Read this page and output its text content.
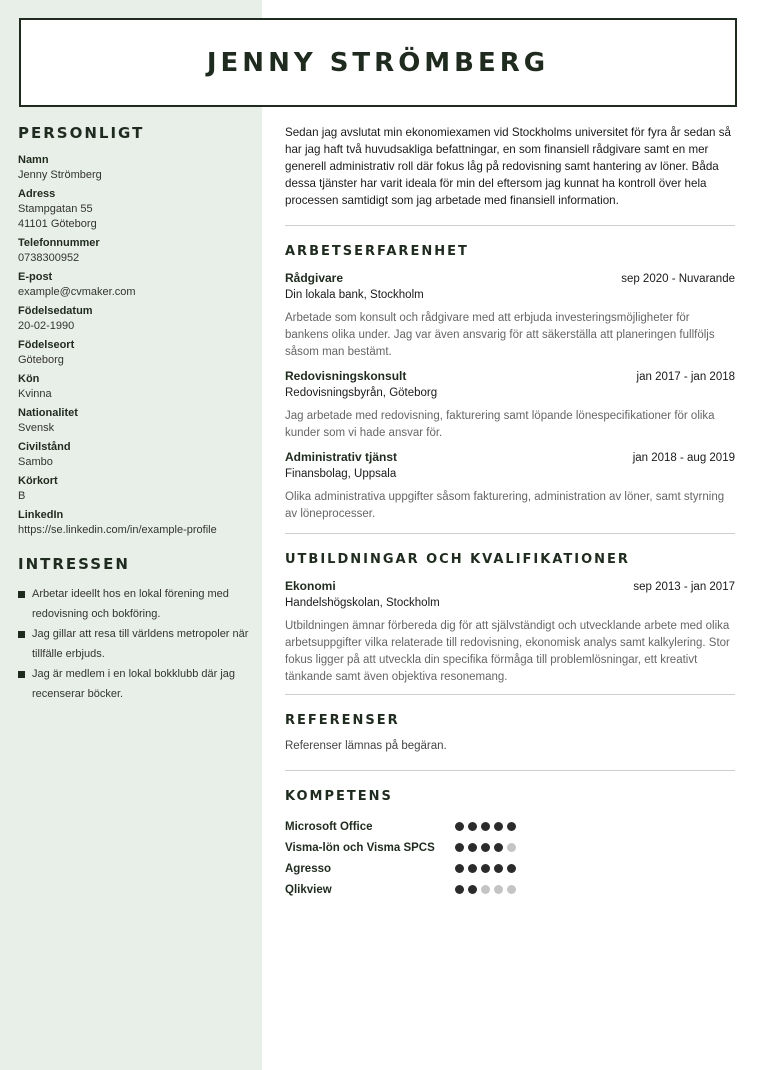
JENNY STRÖMBERG
PERSONLIGT
Namn
Jenny Strömberg
Adress
Stampgatan 55
41101 Göteborg
Telefonnummer
0738300952
E-post
example@cvmaker.com
Födelsedatum
20-02-1990
Födelseort
Göteborg
Kön
Kvinna
Nationalitet
Svensk
Civilstånd
Sambo
Körkort
B
LinkedIn
https://se.linkedin.com/in/example-profile
INTRESSEN
Arbetar ideellt hos en lokal förening med redovisning och bokföring.
Jag gillar att resa till världens metropoler när tillfälle erbjuds.
Jag är medlem i en lokal bokklubb där jag recenserar böcker.

Sedan jag avslutat min ekonomiexamen vid Stockholms universitet för fyra år sedan så har jag haft två huvudsakliga befattningar, en som finansiell rådgivare samt en mer generell administrativ roll där fokus låg på redovisning samt hantering av löner. Båda dessa tjänster har varit ideala för min del eftersom jag kunnat ha kontroll över hela processen samtidigt som jag arbetade med finansiell information.

ARBETSERFARENHET
Rådgivare	sep 2020 - Nuvarande
Din lokala bank, Stockholm
Arbetade som konsult och rådgivare med att erbjuda investeringsmöjligheter för bankens olika under. Jag var även ansvarig för att säkerställa att planeringen fullföljs såsom man bestämt.
Redovisningskonsult	jan 2017 - jan 2018
Redovisningsbyrån, Göteborg
Jag arbetade med redovisning, fakturering samt löpande lönespecifikationer för olika kunder som vi hade ansvar för.
Administrativ tjänst	jan 2018 - aug 2019
Finansbolag, Uppsala
Olika administrativa uppgifter såsom fakturering, administration av löner, samt styrning av löneprocesser.
UTBILDNINGAR OCH KVALIFIKATIONER
Ekonomi	sep 2013 - jan 2017
Handelshögskolan, Stockholm
Utbildningen ämnar förbereda dig för att självständigt och utvecklande arbete med olika arbetsuppgifter vilka relaterade till redovisning, ekonomisk analys samt kalkylering. Stor fokus ligger på att utveckla din specifika förmåga till problemlösningar, ett kreativt tänkande samt även objektiva resonemang.
REFERENSER
Referenser lämnas på begäran.
KOMPETENS
Microsoft Office
Visma-lön och Visma SPCS
Agresso
Qlikview
